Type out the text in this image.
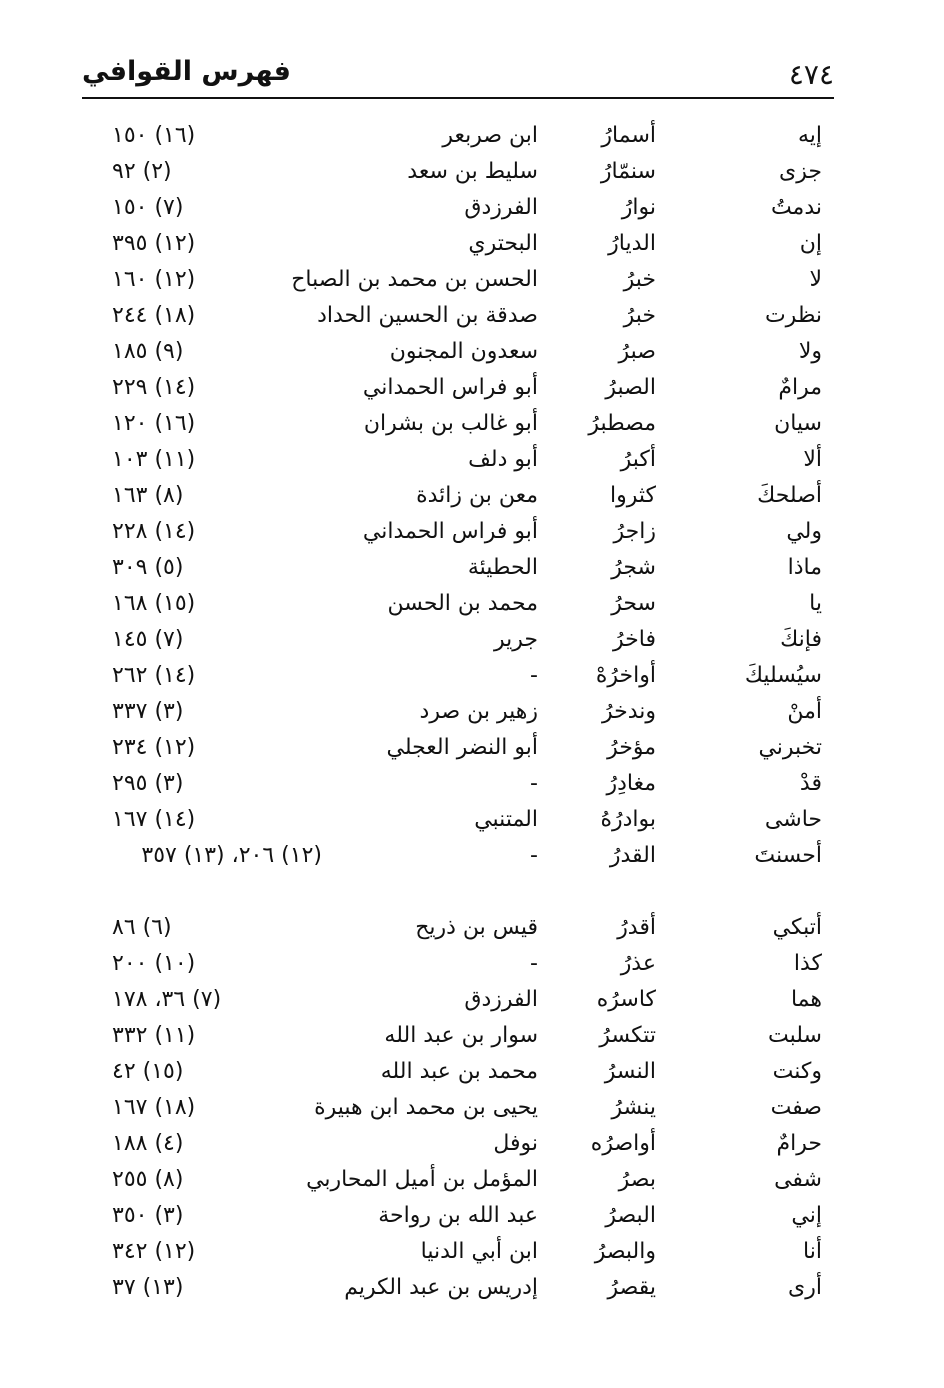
٤٧٤
فهرس القوافي
إيه
أسمارُ
ابن صربعر
(١٦) ١٥٠
جزى
سنمّارُ
سليط بن سعد
(٢) ٩٢
ندمتُ
نوارُ
الفرزدق
(٧) ١٥٠
إن
الديارُ
البحتري
(١٢) ٣٩٥
لا
خبرُ
الحسن بن محمد بن الصباح
(١٢) ١٦٠
نظرت
خبرُ
صدقة بن الحسين الحداد
(١٨) ٢٤٤
ولا
صبرُ
سعدون المجنون
(٩) ١٨٥
مرامٌ
الصبرُ
أبو فراس الحمداني
(١٤) ٢٢٩
سيان
مصطبرُ
أبو غالب بن بشران
(١٦) ١٢٠
ألا
أكبرُ
أبو دلف
(١١) ١٠٣
أصلحكَ
كثروا
معن بن زائدة
(٨) ١٦٣
ولي
زاجرُ
أبو فراس الحمداني
(١٤) ٢٢٨
ماذا
شجرُ
الحطيئة
(٥) ٣٠٩
يا
سحرُ
محمد بن الحسن
(١٥) ١٦٨
فإنكَ
فاخرُ
جرير
(٧) ١٤٥
سيُسليكَ
أواخرُهْ
-
(١٤) ٢٦٢
أمنْ
وندخرُ
زهير بن صرد
(٣) ٣٣٧
تخبرني
مؤخرُ
أبو النضر العجلي
(١٢) ٢٣٤
قدْ
مغادِرُ
-
(٣) ٢٩٥
حاشى
بوادرُهُ
المتنبي
(١٤) ١٦٧
أحسنتَ
القدرُ
-
(١٢) ٢٠٦، (١٣) ٣٥٧
أتبكي
أقدرُ
قيس بن ذريح
(٦) ٨٦
كذا
عذرُ
-
(١٠) ٢٠٠
هما
كاسرُه
الفرزدق
(٧) ٣٦، ١٧٨
سلبت
تتكسرُ
سوار بن عبد الله
(١١) ٣٣٢
وكنت
النسرُ
محمد بن عبد الله
(١٥) ٤٢
صفت
ينشرُ
يحيى بن محمد ابن هبيرة
(١٨) ١٦٧
حرامٌ
أواصرُه
نوفل
(٤) ١٨٨
شفى
بصرُ
المؤمل بن أميل المحاربي
(٨) ٢٥٥
إني
البصرُ
عبد الله بن رواحة
(٣) ٣٥٠
أنا
والبصرُ
ابن أبي الدنيا
(١٢) ٣٤٢
أرى
يقصرُ
إدريس بن عبد الكريم
(١٣) ٣٧
